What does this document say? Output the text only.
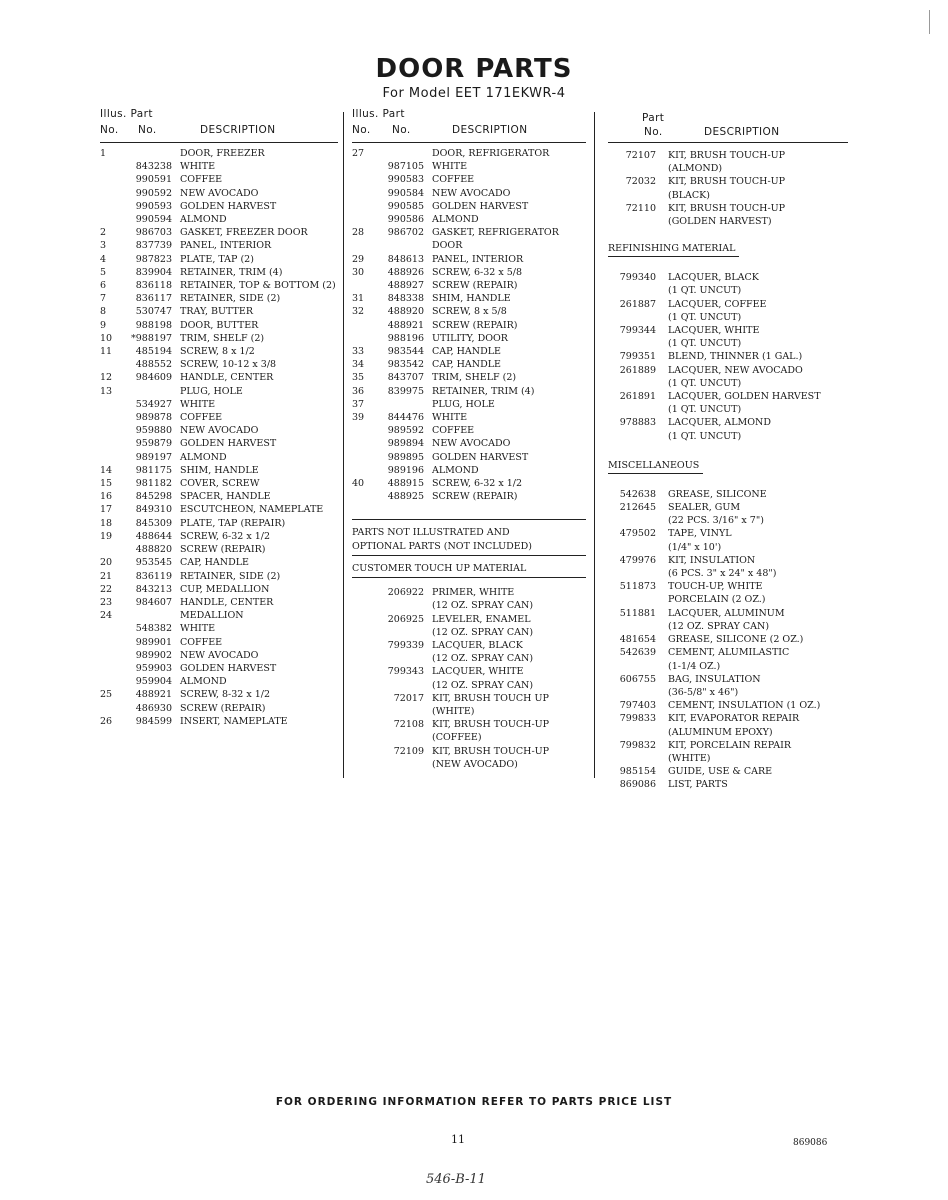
DOOR PARTS
For Model EET 171EKWR-4
Illus. Part
No. No.	DESCRIPTION
1	DOOR, FREEZER
843238 WHITE
990591 COFFEE
990592 NEW AVOCADO
990593 GOLDEN HARVEST
990594 ALMOND
2	986703 GASKET, FREEZER DOOR
3	837739 PANEL, INTERIOR
4	987823 PLATE, TAP (2)
5	839904 RETAINER, TRIM (4)
6	836118 RETAINER, TOP & BOTTOM (2)
7	836117 RETAINER, SIDE (2)
8	530747 TRAY, BUTTER
9	988198 DOOR, BUTTER
10	*988197 TRIM, SHELF (2)
11	485194 SCREW, 8 x 1/2
488552 SCREW, 10-12 x 3/8
12	984609 HANDLE, CENTER
13	PLUG, HOLE
534927 WHITE
989878 COFFEE
959880 NEW AVOCADO
959879 GOLDEN HARVEST
989197 ALMOND
14	981175 SHIM, HANDLE
15	981182 COVER, SCREW
16	845298 SPACER, HANDLE
17	849310 ESCUTCHEON, NAMEPLATE
18	845309 PLATE, TAP (REPAIR)
19	488644 SCREW, 6-32 x 1/2
488820 SCREW (REPAIR)
20	953545 CAP, HANDLE
21	836119 RETAINER, SIDE (2)
22	843213 CUP, MEDALLION
23	984607 HANDLE, CENTER
24	MEDALLION
548382 WHITE
989901 COFFEE
989902 NEW AVOCADO
959903 GOLDEN HARVEST
959904 ALMOND
25	488921 SCREW, 8-32 x 1/2
486930 SCREW (REPAIR)
26	984599 INSERT, NAMEPLATE
Illus. Part
No. No.	DESCRIPTION
27	DOOR, REFRIGERATOR
987105 WHITE
990583 COFFEE
990584 NEW AVOCADO
990585 GOLDEN HARVEST
990586 ALMOND
28	986702 GASKET, REFRIGERATOR
DOOR
29	848613 PANEL, INTERIOR
30	488926 SCREW, 6-32 x 5/8
488927 SCREW (REPAIR)
31	848338 SHIM, HANDLE
32	488920 SCREW, 8 x 5/8
488921 SCREW (REPAIR)
988196 UTILITY, DOOR
33	983544 CAP, HANDLE
34	983542 CAP, HANDLE
35	843707 TRIM, SHELF (2)
36	839975 RETAINER, TRIM (4)
37	PLUG, HOLE
39	844476 WHITE
989592 COFFEE
989894 NEW AVOCADO
989895 GOLDEN HARVEST
989196 ALMOND
40	488915 SCREW, 6-32 x 1/2
488925 SCREW (REPAIR)
PARTS NOT ILLUSTRATED AND
OPTIONAL PARTS (NOT INCLUDED)
CUSTOMER TOUCH UP MATERIAL
206922 PRIMER, WHITE
(12 OZ. SPRAY CAN)
206925 LEVELER, ENAMEL
(12 OZ. SPRAY CAN)
799339 LACQUER, BLACK
(12 OZ. SPRAY CAN)
799343 LACQUER, WHITE
(12 OZ. SPRAY CAN)
72017 KIT, BRUSH TOUCH UP
(WHITE)
72108 KIT, BRUSH TOUCH-UP
(COFFEE)
72109 KIT, BRUSH TOUCH-UP
(NEW AVOCADO)
Part
No.	DESCRIPTION
72107	KIT, BRUSH TOUCH-UP
(ALMOND)
72032	KIT, BRUSH TOUCH-UP
(BLACK)
72110	KIT, BRUSH TOUCH-UP
(GOLDEN HARVEST)
REFINISHING MATERIAL
799340	LACQUER, BLACK
(1 QT. UNCUT)
261887	LACQUER, COFFEE
(1 QT. UNCUT)
799344	LACQUER, WHITE
(1 QT. UNCUT)
799351	BLEND, THINNER (1 GAL.)
261889	LACQUER, NEW AVOCADO
(1 QT. UNCUT)
261891	LACQUER, GOLDEN HARVEST
(1 QT. UNCUT)
978883	LACQUER, ALMOND
(1 QT. UNCUT)
MISCELLANEOUS
542638	GREASE, SILICONE
212645	SEALER, GUM
(22 PCS. 3/16" x 7")
479502	TAPE, VINYL
(1/4" x 10')
479976	KIT, INSULATION
(6 PCS. 3" x 24" x 48")
511873	TOUCH-UP, WHITE
PORCELAIN (2 OZ.)
511881	LACQUER, ALUMINUM
(12 OZ. SPRAY CAN)
481654	GREASE, SILICONE (2 OZ.)
542639	CEMENT, ALUMILASTIC
(1-1/4 OZ.)
606755	BAG, INSULATION
(36-5/8" x 46")
797403	CEMENT, INSULATION (1 OZ.)
799833	KIT, EVAPORATOR REPAIR
(ALUMINUM EPOXY)
799832	KIT, PORCELAIN REPAIR
(WHITE)
985154	GUIDE, USE & CARE
869086	LIST, PARTS
FOR ORDERING INFORMATION REFER TO PARTS PRICE LIST
11	869086
546-B-11
